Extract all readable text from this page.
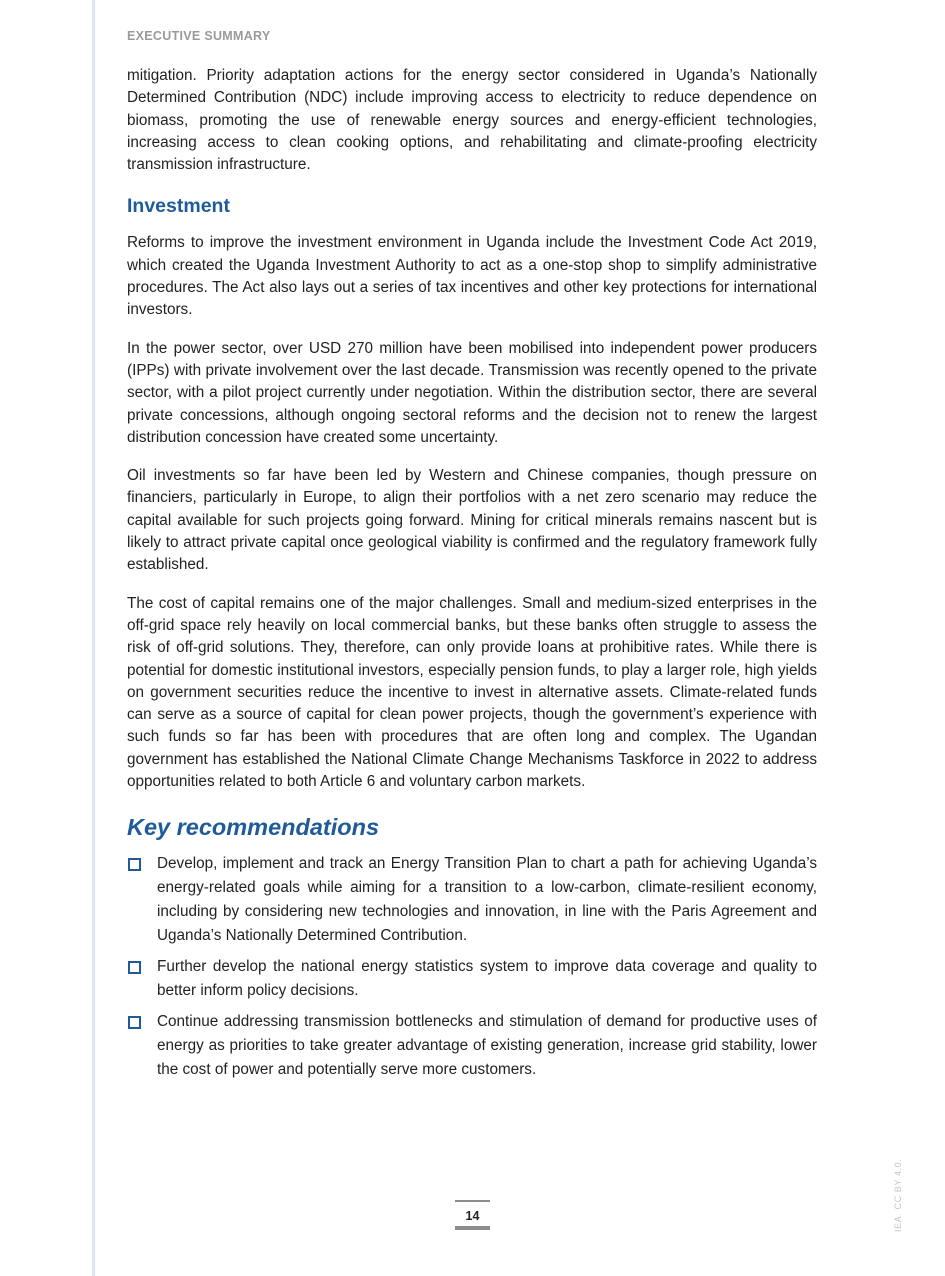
EXECUTIVE SUMMARY

mitigation. Priority adaptation actions for the energy sector considered in Uganda’s Nationally Determined Contribution (NDC) include improving access to electricity to reduce dependence on biomass, promoting the use of renewable energy sources and energy-efficient technologies, increasing access to clean cooking options, and rehabilitating and climate-proofing electricity transmission infrastructure.

Investment

Reforms to improve the investment environment in Uganda include the Investment Code Act 2019, which created the Uganda Investment Authority to act as a one-stop shop to simplify administrative procedures. The Act also lays out a series of tax incentives and other key protections for international investors.

In the power sector, over USD 270 million have been mobilised into independent power producers (IPPs) with private involvement over the last decade. Transmission was recently opened to the private sector, with a pilot project currently under negotiation. Within the distribution sector, there are several private concessions, although ongoing sectoral reforms and the decision not to renew the largest distribution concession have created some uncertainty.

Oil investments so far have been led by Western and Chinese companies, though pressure on financiers, particularly in Europe, to align their portfolios with a net zero scenario may reduce the capital available for such projects going forward. Mining for critical minerals remains nascent but is likely to attract private capital once geological viability is confirmed and the regulatory framework fully established.

The cost of capital remains one of the major challenges. Small and medium-sized enterprises in the off-grid space rely heavily on local commercial banks, but these banks often struggle to assess the risk of off-grid solutions. They, therefore, can only provide loans at prohibitive rates. While there is potential for domestic institutional investors, especially pension funds, to play a larger role, high yields on government securities reduce the incentive to invest in alternative assets. Climate-related funds can serve as a source of capital for clean power projects, though the government’s experience with such funds so far has been with procedures that are often long and complex. The Ugandan government has established the National Climate Change Mechanisms Taskforce in 2022 to address opportunities related to both Article 6 and voluntary carbon markets.

Key recommendations
Develop, implement and track an Energy Transition Plan to chart a path for achieving Uganda’s energy-related goals while aiming for a transition to a low-carbon, climate-resilient economy, including by considering new technologies and innovation, in line with the Paris Agreement and Uganda’s Nationally Determined Contribution.
Further develop the national energy statistics system to improve data coverage and quality to better inform policy decisions.
Continue addressing transmission bottlenecks and stimulation of demand for productive uses of energy as priorities to take greater advantage of existing generation, increase grid stability, lower the cost of power and potentially serve more customers.
14	IEA. CC BY 4.0.
